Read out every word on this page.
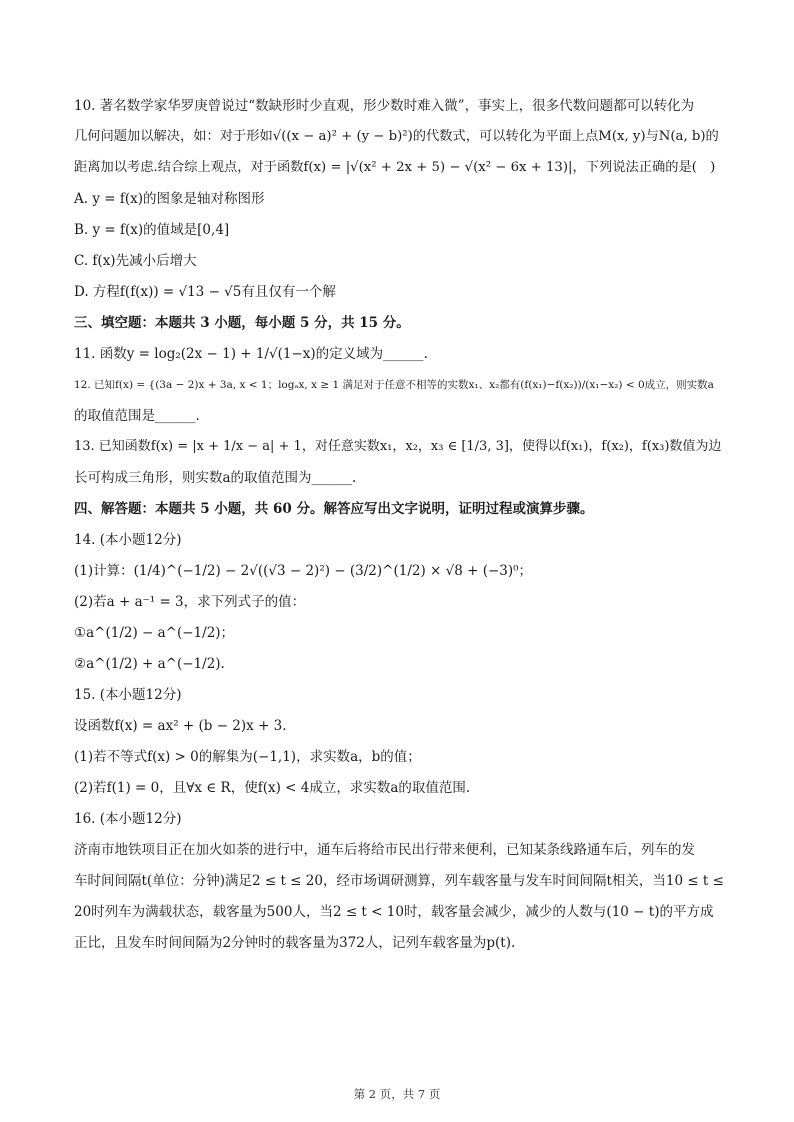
10. 著名数学家华罗庚曾说过“数缺形时少直观，形少数时难入微”，事实上，很多代数问题都可以转化为
几何问题加以解决，如：对于形如√((x − a)² + (y − b)²)的代数式，可以转化为平面上点M(x, y)与N(a, b)的
距离加以考虑.结合综上观点，对于函数f(x) = |√(x² + 2x + 5) − √(x² − 6x + 13)|，下列说法正确的是(　)
A. y = f(x)的图象是轴对称图形
B. y = f(x)的值域是[0,4]
C. f(x)先减小后增大
D. 方程f(f(x)) = √13 − √5有且仅有一个解
三、填空题：本题共 3 小题，每小题 5 分，共 15 分。
11. 函数y = log₂(2x − 1) + 1/√(1−x)的定义域为______.
12. 已知f(x) = {(3a − 2)x + 3a, x < 1；logₐx, x ≥ 1 满足对于任意不相等的实数x₁、x₂都有(f(x₁)−f(x₂))/(x₁−x₂) < 0成立，则实数a
的取值范围是______.
13. 已知函数f(x) = |x + 1/x − a| + 1，对任意实数x₁，x₂，x₃ ∈ [1/3, 3]，使得以f(x₁)，f(x₂)，f(x₃)数值为边
长可构成三角形，则实数a的取值范围为______.
四、解答题：本题共 5 小题，共 60 分。解答应写出文字说明，证明过程或演算步骤。
14. (本小题12分)
(1)计算：(1/4)^(−1/2) − 2√((√3 − 2)²) − (3/2)^(1/2) × √8 + (−3)⁰；
(2)若a + a⁻¹ = 3，求下列式子的值：
①a^(1/2) − a^(−1/2)；
②a^(1/2) + a^(−1/2).
15. (本小题12分)
设函数f(x) = ax² + (b − 2)x + 3.
(1)若不等式f(x) > 0的解集为(−1,1)，求实数a，b的值；
(2)若f(1) = 0，且∀x ∈ R，使f(x) < 4成立，求实数a的取值范围.
16. (本小题12分)
济南市地铁项目正在加火如荼的进行中，通车后将给市民出行带来便利，已知某条线路通车后，列车的发
车时间间隔t(单位：分钟)满足2 ≤ t ≤ 20，经市场调研测算，列车载客量与发车时间间隔t相关，当10 ≤ t ≤
20时列车为满载状态，载客量为500人，当2 ≤ t < 10时，载客量会减少，减少的人数与(10 − t)的平方成
正比，且发车时间间隔为2分钟时的载客量为372人，记列车载客量为p(t).
第 2 页，共 7 页
